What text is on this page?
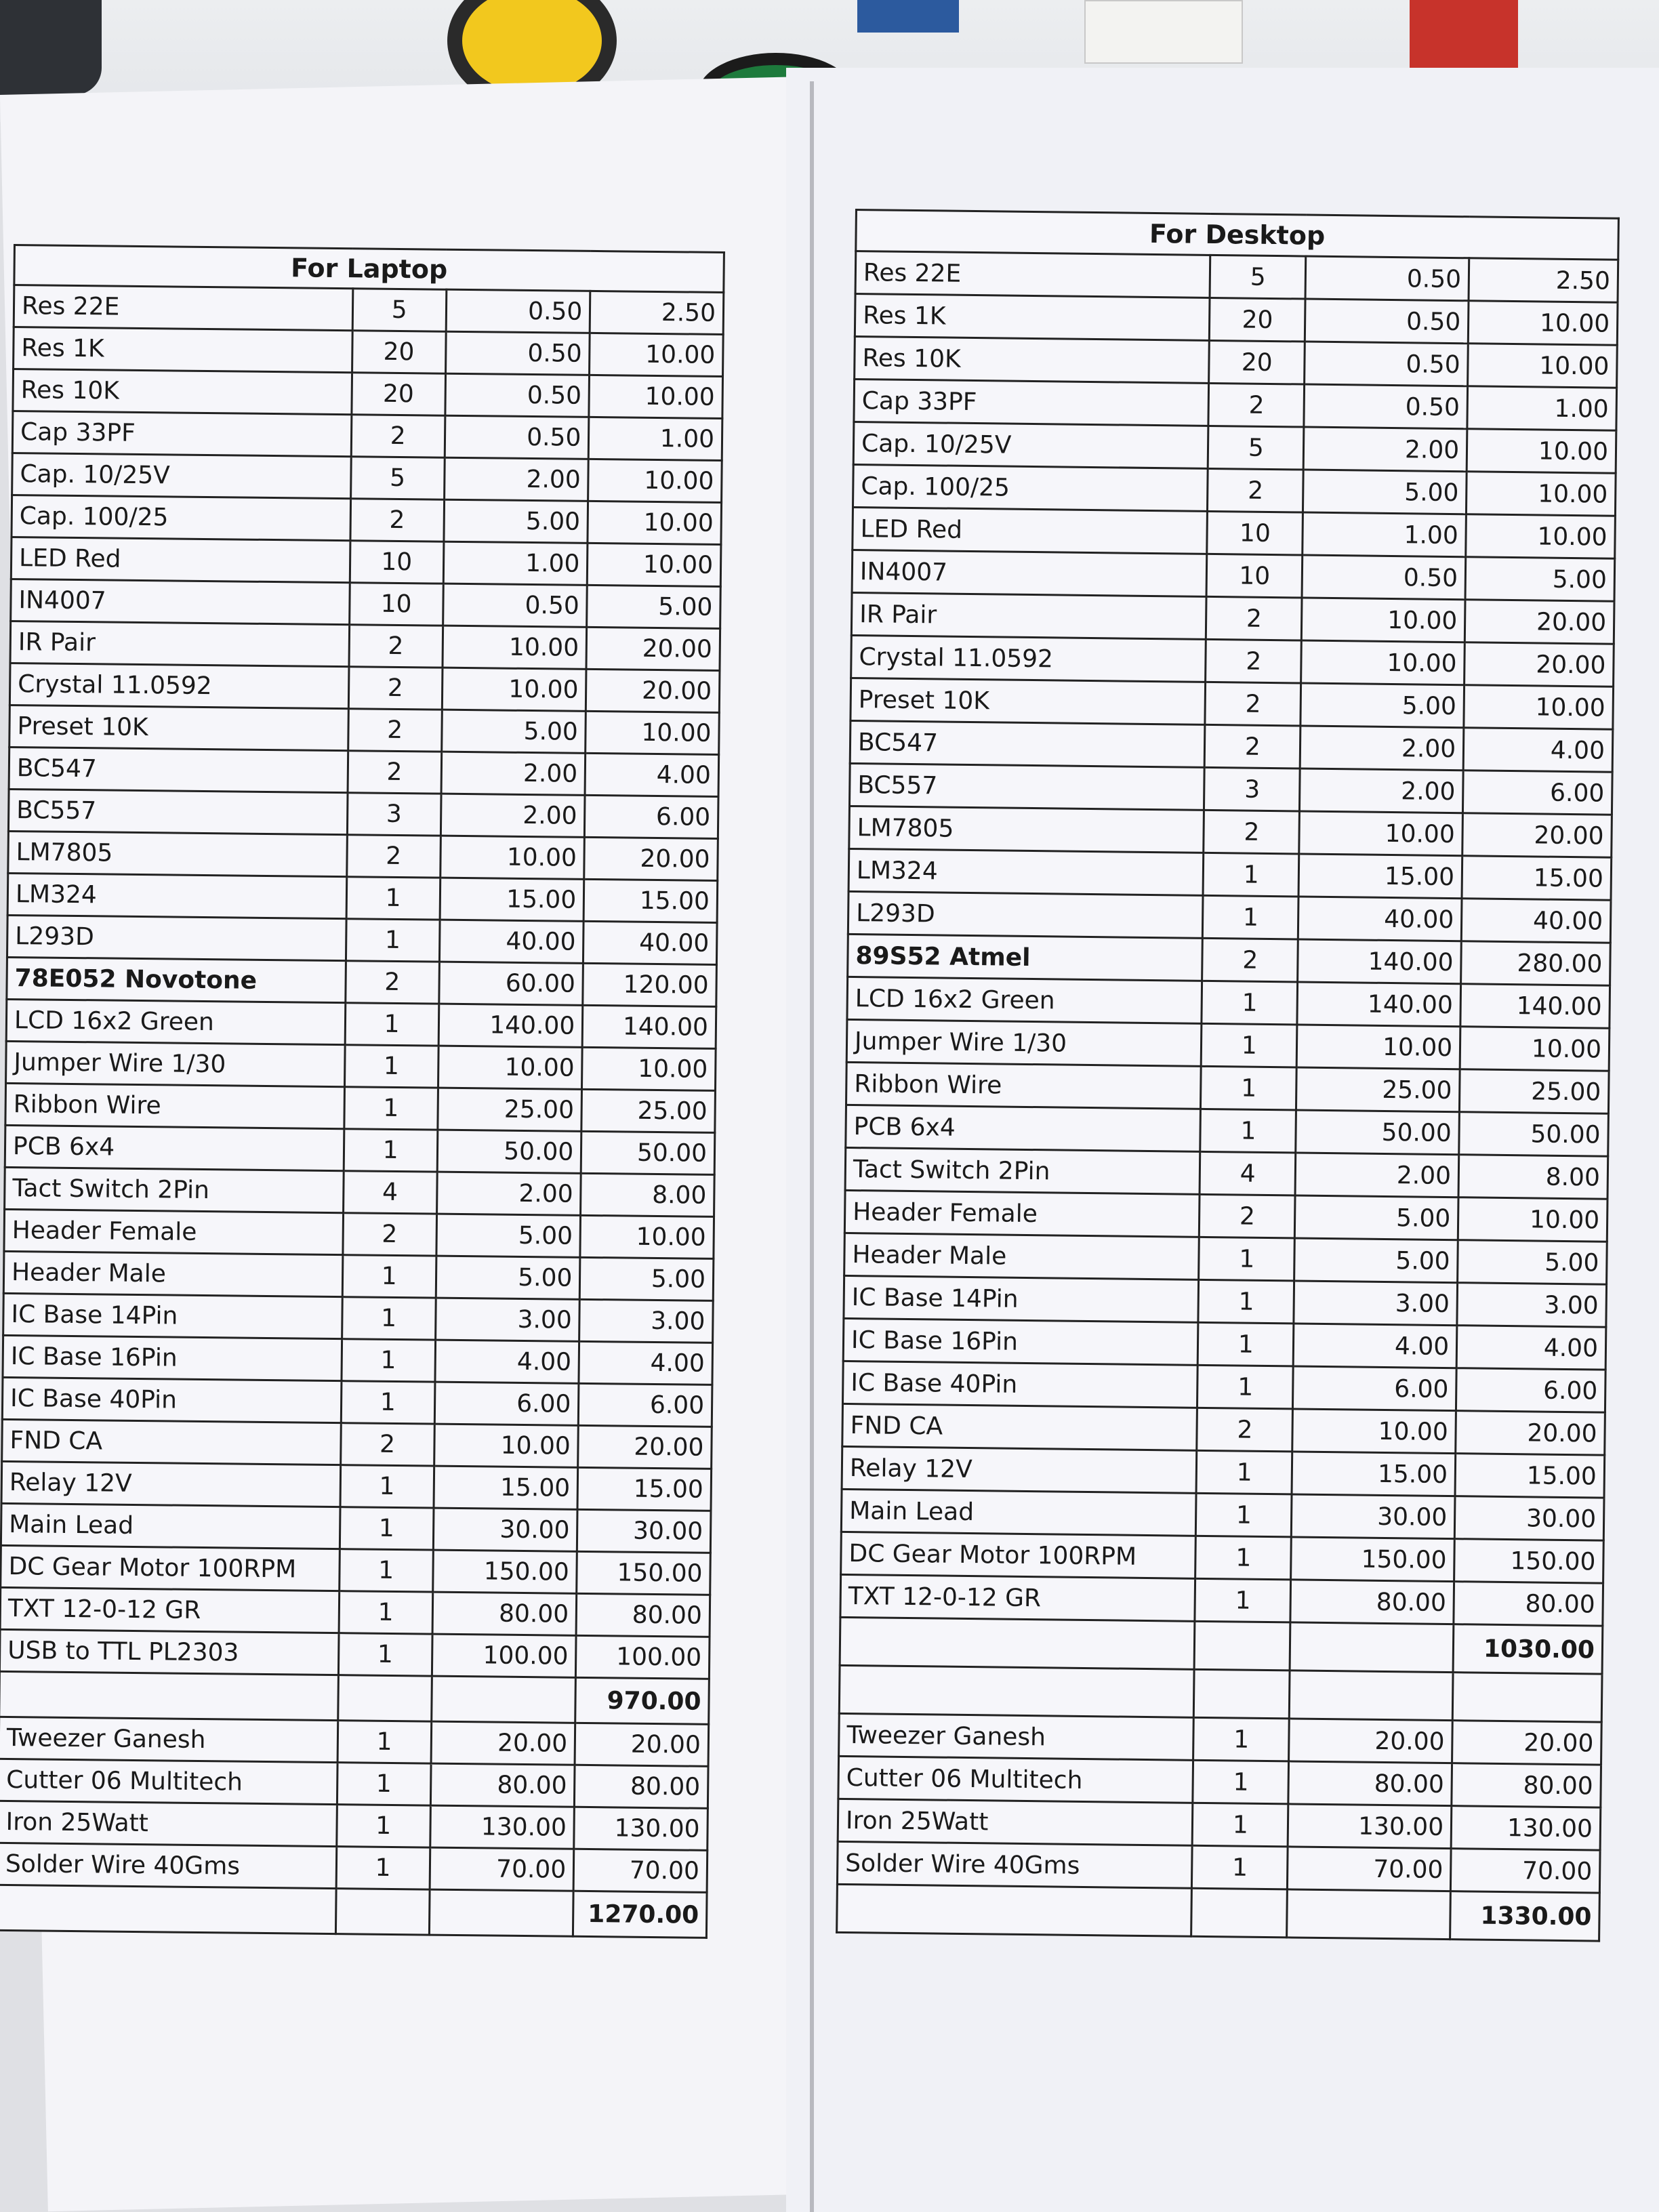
For Laptop			
Res 22E	5	0.50	2.50
Res 1K	20	0.50	10.00
Res 10K	20	0.50	10.00
Cap 33PF	2	0.50	1.00
Cap. 10/25V	5	2.00	10.00
Cap. 100/25	2	5.00	10.00
LED Red	10	1.00	10.00
IN4007	10	0.50	5.00
IR Pair	2	10.00	20.00
Crystal 11.0592	2	10.00	20.00
Preset 10K	2	5.00	10.00
BC547	2	2.00	4.00
BC557	3	2.00	6.00
LM7805	2	10.00	20.00
LM324	1	15.00	15.00
L293D	1	40.00	40.00
78E052 Novotone	2	60.00	120.00
LCD 16x2 Green	1	140.00	140.00
Jumper Wire 1/30	1	10.00	10.00
Ribbon Wire	1	25.00	25.00
PCB 6x4	1	50.00	50.00
Tact Switch 2Pin	4	2.00	8.00
Header Female	2	5.00	10.00
Header Male	1	5.00	5.00
IC Base 14Pin	1	3.00	3.00
IC Base 16Pin	1	4.00	4.00
IC Base 40Pin	1	6.00	6.00
FND CA	2	10.00	20.00
Relay 12V	1	15.00	15.00
Main Lead	1	30.00	30.00
DC Gear Motor 100RPM	1	150.00	150.00
TXT 12-0-12 GR	1	80.00	80.00
USB to TTL PL2303	1	100.00	100.00
			970.00
Tweezer Ganesh	1	20.00	20.00
Cutter 06 Multitech	1	80.00	80.00
Iron 25Watt	1	130.00	130.00
Solder Wire 40Gms	1	70.00	70.00
			1270.00
For Desktop			
Res 22E	5	0.50	2.50
Res 1K	20	0.50	10.00
Res 10K	20	0.50	10.00
Cap 33PF	2	0.50	1.00
Cap. 10/25V	5	2.00	10.00
Cap. 100/25	2	5.00	10.00
LED Red	10	1.00	10.00
IN4007	10	0.50	5.00
IR Pair	2	10.00	20.00
Crystal 11.0592	2	10.00	20.00
Preset 10K	2	5.00	10.00
BC547	2	2.00	4.00
BC557	3	2.00	6.00
LM7805	2	10.00	20.00
LM324	1	15.00	15.00
L293D	1	40.00	40.00
89S52 Atmel	2	140.00	280.00
LCD 16x2 Green	1	140.00	140.00
Jumper Wire 1/30	1	10.00	10.00
Ribbon Wire	1	25.00	25.00
PCB 6x4	1	50.00	50.00
Tact Switch 2Pin	4	2.00	8.00
Header Female	2	5.00	10.00
Header Male	1	5.00	5.00
IC Base 14Pin	1	3.00	3.00
IC Base 16Pin	1	4.00	4.00
IC Base 40Pin	1	6.00	6.00
FND CA	2	10.00	20.00
Relay 12V	1	15.00	15.00
Main Lead	1	30.00	30.00
DC Gear Motor 100RPM	1	150.00	150.00
TXT 12-0-12 GR	1	80.00	80.00
			1030.00

Tweezer Ganesh	1	20.00	20.00
Cutter 06 Multitech	1	80.00	80.00
Iron 25Watt	1	130.00	130.00
Solder Wire 40Gms	1	70.00	70.00
			1330.00
